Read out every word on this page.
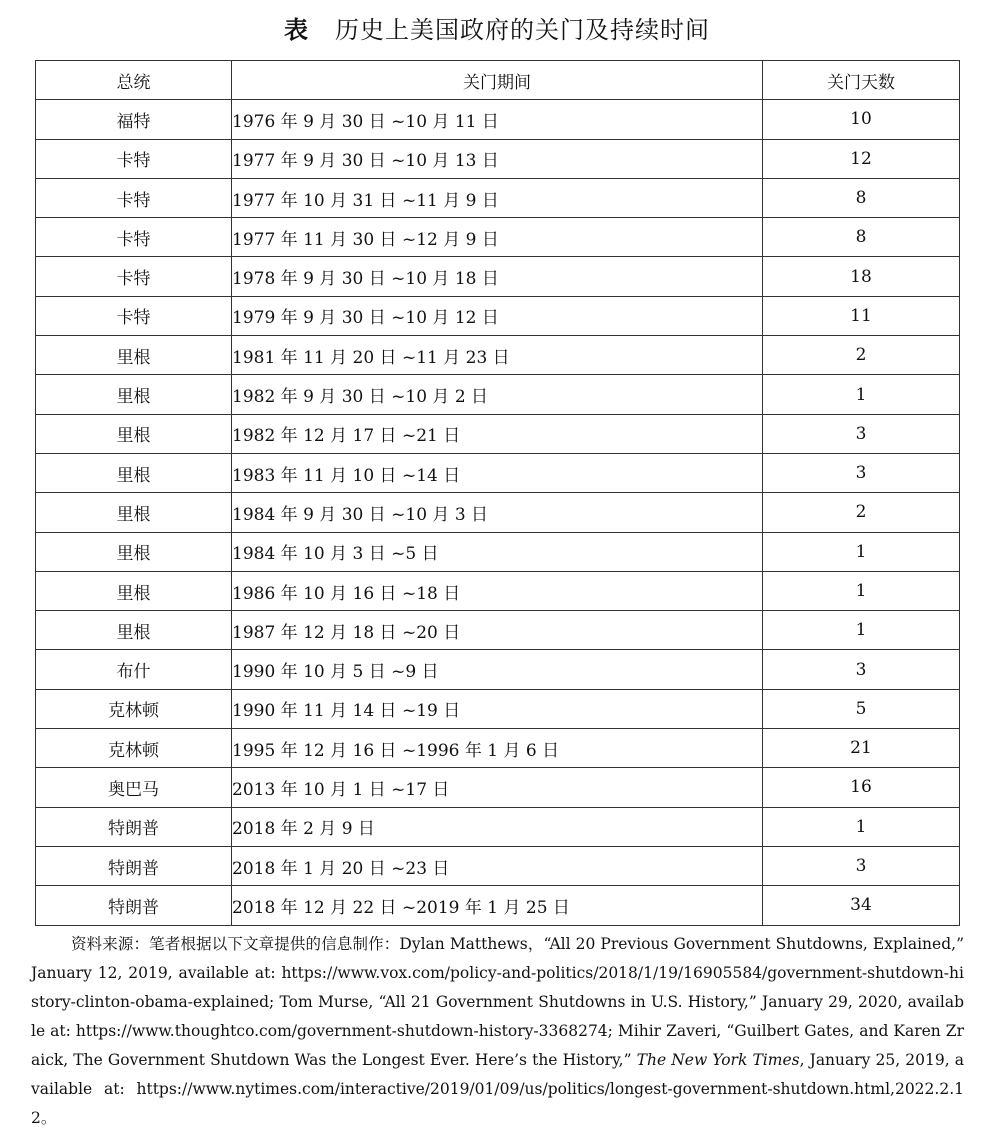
表 历史上美国政府的关门及持续时间
总统	关门期间	关门天数
福特	1976 年 9 月 30 日 ~10 月 11 日	10
卡特	1977 年 9 月 30 日 ~10 月 13 日	12
卡特	1977 年 10 月 31 日 ~11 月 9 日	8
卡特	1977 年 11 月 30 日 ~12 月 9 日	8
卡特	1978 年 9 月 30 日 ~10 月 18 日	18
卡特	1979 年 9 月 30 日 ~10 月 12 日	11
里根	1981 年 11 月 20 日 ~11 月 23 日	2
里根	1982 年 9 月 30 日 ~10 月 2 日	1
里根	1982 年 12 月 17 日 ~21 日	3
里根	1983 年 11 月 10 日 ~14 日	3
里根	1984 年 9 月 30 日 ~10 月 3 日	2
里根	1984 年 10 月 3 日 ~5 日	1
里根	1986 年 10 月 16 日 ~18 日	1
里根	1987 年 12 月 18 日 ~20 日	1
布什	1990 年 10 月 5 日 ~9 日	3
克林顿	1990 年 11 月 14 日 ~19 日	5
克林顿	1995 年 12 月 16 日 ~1996 年 1 月 6 日	21
奥巴马	2013 年 10 月 1 日 ~17 日	16
特朗普	2018 年 2 月 9 日	1
特朗普	2018 年 1 月 20 日 ~23 日	3
特朗普	2018 年 12 月 22 日 ~2019 年 1 月 25 日	34
资料来源：笔者根据以下文章提供的信息制作：Dylan Matthews，“All 20 Previous Government Shutdowns, Explained,” January 12, 2019, available at: https://www.vox.com/policy-and-politics/2018/1/19/16905584/government-shutdown-history-clinton-obama-explained; Tom Murse, “All 21 Government Shutdowns in U.S. History,” January 29, 2020, available at: https://www.thoughtco.com/government-shutdown-history-3368274; Mihir Zaveri, “Guilbert Gates, and Karen Zraick, The Government Shutdown Was the Longest Ever. Here’s the History,” The New York Times, January 25, 2019, available at: https://www.nytimes.com/interactive/2019/01/09/us/politics/longest-government-shutdown.html,2022.2.12。
